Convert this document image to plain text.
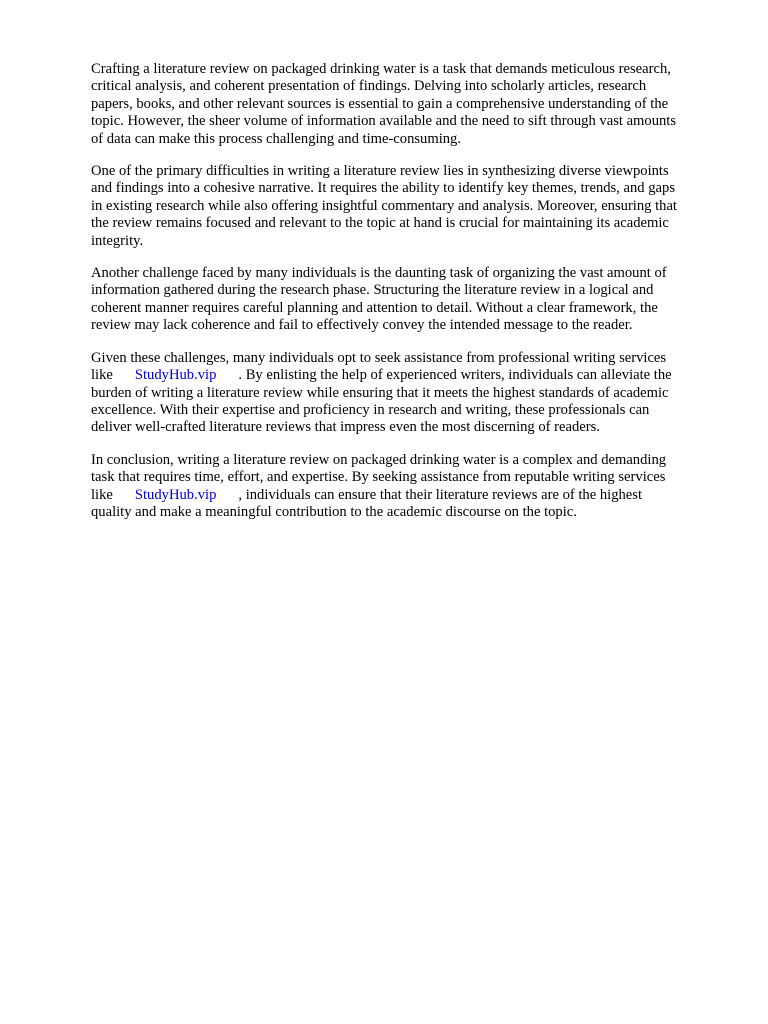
Crafting a literature review on packaged drinking water is a task that demands meticulous research,
critical analysis, and coherent presentation of findings. Delving into scholarly articles, research
papers, books, and other relevant sources is essential to gain a comprehensive understanding of the
topic. However, the sheer volume of information available and the need to sift through vast amounts
of data can make this process challenging and time-consuming.

One of the primary difficulties in writing a literature review lies in synthesizing diverse viewpoints
and findings into a cohesive narrative. It requires the ability to identify key themes, trends, and gaps
in existing research while also offering insightful commentary and analysis. Moreover, ensuring that
the review remains focused and relevant to the topic at hand is crucial for maintaining its academic
integrity.

Another challenge faced by many individuals is the daunting task of organizing the vast amount of
information gathered during the research phase. Structuring the literature review in a logical and
coherent manner requires careful planning and attention to detail. Without a clear framework, the
review may lack coherence and fail to effectively convey the intended message to the reader.

Given these challenges, many individuals opt to seek assistance from professional writing services
like StudyHub.vip . By enlisting the help of experienced writers, individuals can alleviate the
burden of writing a literature review while ensuring that it meets the highest standards of academic
excellence. With their expertise and proficiency in research and writing, these professionals can
deliver well-crafted literature reviews that impress even the most discerning of readers.

In conclusion, writing a literature review on packaged drinking water is a complex and demanding
task that requires time, effort, and expertise. By seeking assistance from reputable writing services
like StudyHub.vip , individuals can ensure that their literature reviews are of the highest
quality and make a meaningful contribution to the academic discourse on the topic.
